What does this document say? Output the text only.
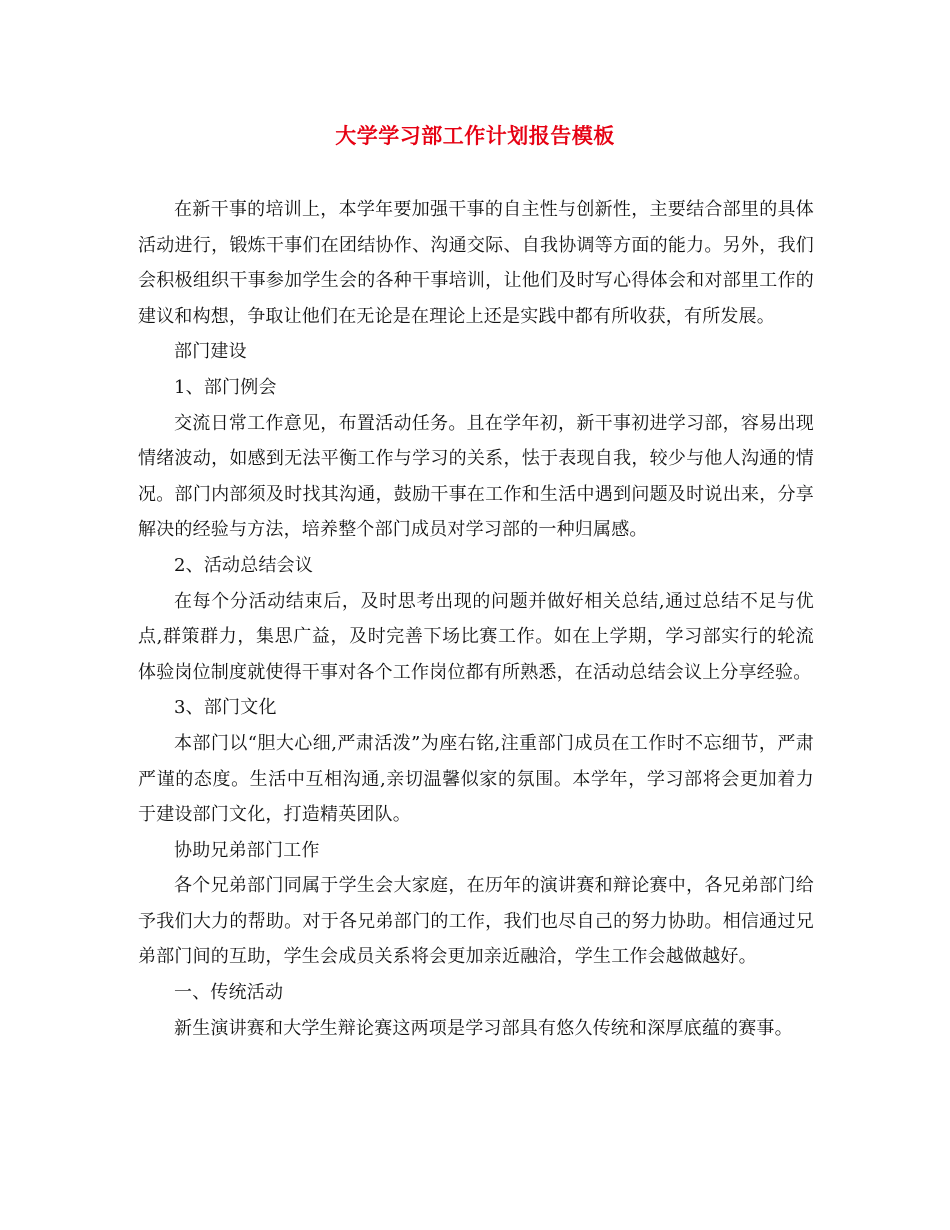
大学学习部工作计划报告模板

在新干事的培训上，本学年要加强干事的自主性与创新性，主要结合部里的具体活动进行，锻炼干事们在团结协作、沟通交际、自我协调等方面的能力。另外，我们会积极组织干事参加学生会的各种干事培训，让他们及时写心得体会和对部里工作的建议和构想，争取让他们在无论是在理论上还是实践中都有所收获，有所发展。

部门建设

1、部门例会

交流日常工作意见，布置活动任务。且在学年初，新干事初进学习部，容易出现情绪波动，如感到无法平衡工作与学习的关系，怯于表现自我，较少与他人沟通的情况。部门内部须及时找其沟通，鼓励干事在工作和生活中遇到问题及时说出来，分享解决的经验与方法，培养整个部门成员对学习部的一种归属感。

2、活动总结会议

在每个分活动结束后，及时思考出现的问题并做好相关总结,通过总结不足与优点,群策群力，集思广益，及时完善下场比赛工作。如在上学期，学习部实行的轮流体验岗位制度就使得干事对各个工作岗位都有所熟悉，在活动总结会议上分享经验。

3、部门文化

本部门以“胆大心细,严肃活泼”为座右铭,注重部门成员在工作时不忘细节，严肃严谨的态度。生活中互相沟通,亲切温馨似家的氛围。本学年，学习部将会更加着力于建设部门文化，打造精英团队。

协助兄弟部门工作

各个兄弟部门同属于学生会大家庭，在历年的演讲赛和辩论赛中，各兄弟部门给予我们大力的帮助。对于各兄弟部门的工作，我们也尽自己的努力协助。相信通过兄弟部门间的互助，学生会成员关系将会更加亲近融洽，学生工作会越做越好。

一、传统活动

新生演讲赛和大学生辩论赛这两项是学习部具有悠久传统和深厚底蕴的赛事。
